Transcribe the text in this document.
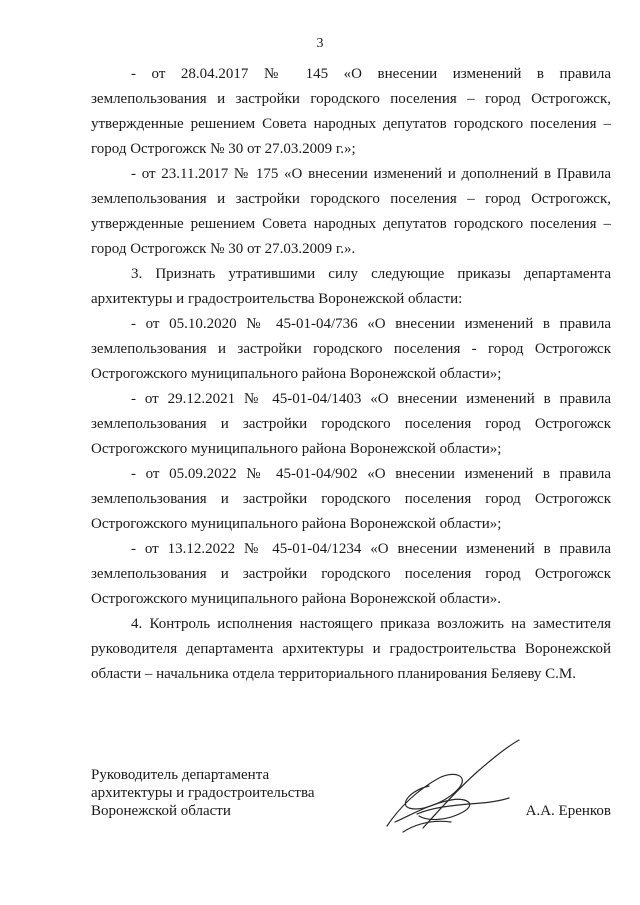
3

- от 28.04.2017 № 145 «О внесении изменений в правила землепользования и застройки городского поселения – город Острогожск, утвержденные решением Совета народных депутатов городского поселения – город Острогожск № 30 от 27.03.2009 г.»;

- от 23.11.2017 № 175 «О внесении изменений и дополнений в Правила землепользования и застройки городского поселения – город Острогожск, утвержденные решением Совета народных депутатов городского поселения – город Острогожск № 30 от 27.03.2009 г.».

3. Признать утратившими силу следующие приказы департамента архитектуры и градостроительства Воронежской области:

- от 05.10.2020 № 45-01-04/736 «О внесении изменений в правила землепользования и застройки городского поселения - город Острогожск Острогожского муниципального района Воронежской области»;

- от 29.12.2021 № 45-01-04/1403 «О внесении изменений в правила землепользования и застройки городского поселения город Острогожск Острогожского муниципального района Воронежской области»;

- от 05.09.2022 № 45-01-04/902 «О внесении изменений в правила землепользования и застройки городского поселения город Острогожск Острогожского муниципального района Воронежской области»;

- от 13.12.2022 № 45-01-04/1234 «О внесении изменений в правила землепользования и застройки городского поселения город Острогожск Острогожского муниципального района Воронежской области».

4. Контроль исполнения настоящего приказа возложить на заместителя руководителя департамента архитектуры и градостроительства Воронежской области – начальника отдела территориального планирования Беляеву С.М.

Руководитель департамента
архитектуры и градостроительства
Воронежской области	А.А. Еренков
